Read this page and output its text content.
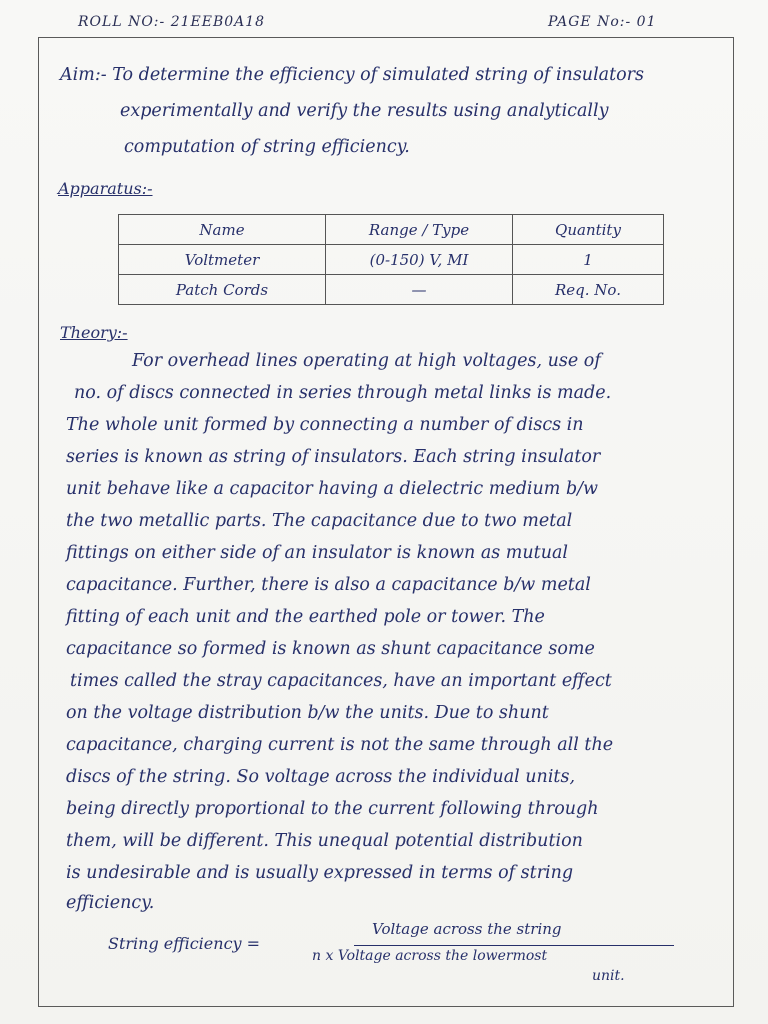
ROLL NO:- 21EEB0A18	PAGE No:- 01
Aim:- To determine the efficiency of simulated string of insulators
experimentally and verify the results using analytically
computation of string efficiency.
Apparatus:-
Name	Range / Type	Quantity
Voltmeter	(0-150) V, MI	1
Patch Cords	—	Req. No.
Theory:-
For overhead lines operating at high voltages, use of
no. of discs connected in series through metal links is made.
The whole unit formed by connecting a number of discs in
series is known as string of insulators. Each string insulator
unit behave like a capacitor having a dielectric medium b/w
the two metallic parts. The capacitance due to two metal
fittings on either side of an insulator is known as mutual
capacitance. Further, there is also a capacitance b/w metal
fitting of each unit and the earthed pole or tower. The
capacitance so formed is known as shunt capacitance some
times called the stray capacitances, have an important effect
on the voltage distribution b/w the units. Due to shunt
capacitance, charging current is not the same through all the
discs of the string. So voltage across the individual units,
being directly proportional to the current following through
them, will be different. This unequal potential distribution
is undesirable and is usually expressed in terms of string
efficiency.
String efficiency =
Voltage across the string
n x Voltage across the lowermost
unit.
